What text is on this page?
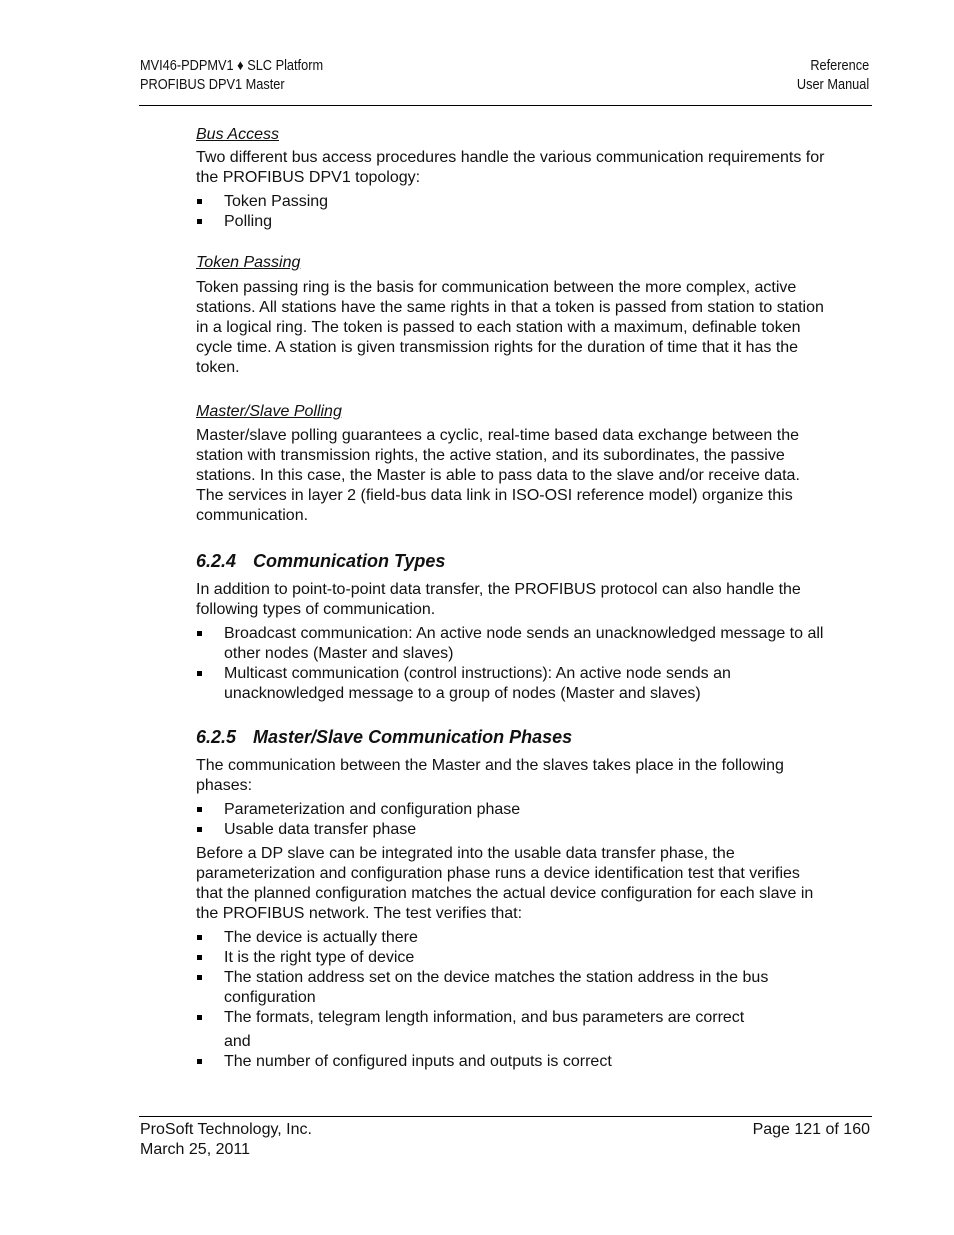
MVI46-PDPMV1 ♦ SLC Platform
PROFIBUS DPV1 Master
Reference
User Manual

Bus Access

Two different bus access procedures handle the various communication requirements for the PROFIBUS DPV1 topology:

Token Passing
Polling

Token Passing

Token passing ring is the basis for communication between the more complex, active stations. All stations have the same rights in that a token is passed from station to station in a logical ring. The token is passed to each station with a maximum, definable token cycle time. A station is given transmission rights for the duration of time that it has the token.

Master/Slave Polling

Master/slave polling guarantees a cyclic, real-time based data exchange between the station with transmission rights, the active station, and its subordinates, the passive stations. In this case, the Master is able to pass data to the slave and/or receive data. The services in layer 2 (field-bus data link in ISO-OSI reference model) organize this communication.

6.2.4 Communication Types

In addition to point-to-point data transfer, the PROFIBUS protocol can also handle the following types of communication.

Broadcast communication: An active node sends an unacknowledged message to all other nodes (Master and slaves)
Multicast communication (control instructions): An active node sends an unacknowledged message to a group of nodes (Master and slaves)
6.2.5 Master/Slave Communication Phases

The communication between the Master and the slaves takes place in the following phases:

Parameterization and configuration phase
Usable data transfer phase

Before a DP slave can be integrated into the usable data transfer phase, the parameterization and configuration phase runs a device identification test that verifies that the planned configuration matches the actual device configuration for each slave in the PROFIBUS network. The test verifies that:

The device is actually there
It is the right type of device
The station address set on the device matches the station address in the bus configuration
The formats, telegram length information, and bus parameters are correct
and
The number of configured inputs and outputs is correct
ProSoft Technology, Inc.
March 25, 2011
Page 121 of 160
